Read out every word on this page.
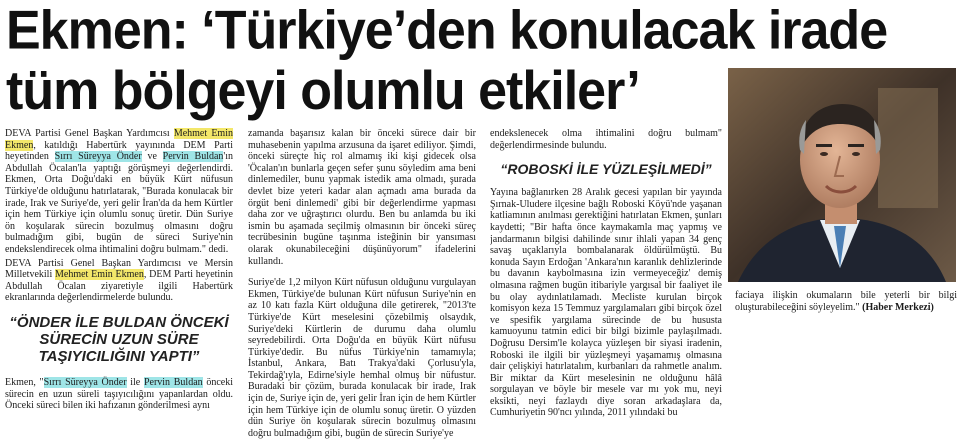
Ekmen: ‘Türkiye’den konulacak irade
tüm bölgeyi olumlu etkiler’

DEVA Partisi Genel Başkan Yardımcısı Mehmet Emin Ekmen, katıldığı Habertürk yayınında DEM Parti heyetinden Sırrı Süreyya Önder ve Pervin Buldan'ın Abdullah Öcalan'la yaptığı görüşmeyi değerlendirdi. Ekmen, Orta Doğu'daki en büyük Kürt nüfusun Türkiye'de olduğunu hatırlatarak, "Burada konulacak bir irade, Irak ve Suriye'de, yeri gelir İran'da da hem Kürtler için hem Türkiye için olumlu sonuç üretir. Dün Suriye ön koşularak sürecin bozulmuş olmasını doğru bulmadığım gibi, bugün de süreci Suriye'nin endekslendirecek olma ihtimalini doğru bulmam." dedi.

DEVA Partisi Genel Başkan Yardımcısı ve Mersin Milletvekili Mehmet Emin Ekmen, DEM Parti heyetinin Abdullah Öcalan ziyaretiyle ilgili Habertürk ekranlarında değerlendirmelerde bulundu.

“ÖNDER İLE BULDAN ÖNCEKİ SÜRECİN UZUN SÜRE TAŞIYICILIĞINI YAPTI”

Ekmen, "Sırrı Süreyya Önder ile Pervin Buldan önceki sürecin en uzun süreli taşıyıcılığını yapanlardan oldu. Önceki süreci bilen iki hafızanın gönderilmesi aynı

zamanda başarısız kalan bir önceki sürece dair bir muhasebenin yapılma arzusuna da işaret ediliyor. Şimdi, önceki süreçte hiç rol almamış iki kişi gidecek olsa 'Öcalan'ın bunlarla geçen sefer şunu söyledim ama beni dinlemediler, bunu yapmak istedik ama olmadı, şurada devlet bize yeteri kadar alan açmadı ama burada da örgüt beni dinlemedi' gibi bir değerlendirme yapması daha zor ve uğraştırıcı olurdu. Ben bu anlamda bu iki ismin bu aşamada seçilmiş olmasının bir önceki süreç tecrübesinin bugüne taşınma isteğinin bir yansıması olarak okunabileceğini düşünüyorum" ifadelerini kullandı.

Suriye'de 1,2 milyon Kürt nüfusun olduğunu vurgulayan Ekmen, Türkiye'de bulunan Kürt nüfusun Suriye'nin en az 10 katı fazla Kürt olduğuna dile getirerek, "2013'te Türkiye'de Kürt meselesini çözebilmiş olsaydık, Suriye'deki Kürtlerin de durumu daha olumlu seyredebilirdi. Orta Doğu'da en büyük Kürt nüfusu Türkiye'dedir. Bu nüfus Türkiye'nin tamamıyla; İstanbul, Ankara, Batı Trakya'daki Çorlusu'yla, Tekirdağ'ıyla, Edirne'siyle hemhal olmuş bir nüfustur. Buradaki bir çözüm, burada konulacak bir irade, Irak için de, Suriye için de, yeri gelir İran için de hem Kürtler için hem Türkiye için de olumlu sonuç üretir. O yüzden dün Suriye ön koşularak sürecin bozulmuş olmasını doğru bulmadığım gibi, bugün de sürecin Suriye'ye

endekslenecek olma ihtimalini doğru bulmam" değerlendirmesinde bulundu.

“ROBOSKİ İLE YÜZLEŞİLMEDİ”

Yayına bağlanırken 28 Aralık gecesi yapılan bir yayında Şırnak-Uludere ilçesine bağlı Roboski Köyü'nde yaşanan katliamının anılması gerektiğini hatırlatan Ekmen, şunları kaydetti; "Bir hafta önce kaymakamla maç yapmış ve jandarmanın bilgisi dahilinde sınır ihlali yapan 34 genç savaş uçaklarıyla bombalanarak öldürülmüştü. Bu konuda Sayın Erdoğan 'Ankara'nın karanlık dehlizlerinde bu davanın kaybolmasına izin vermeyeceğiz' demiş olmasına rağmen bugün itibariyle yargısal bir faaliyet ile bu olay aydınlatılamadı. Mecliste kurulan birçok komisyon keza 15 Temmuz yargılamaları gibi birçok özel ve spesifik yargılama sürecinde de bu hususta kamuoyunu tatmin edici bir bilgi bizimle paylaşılmadı. Doğrusu Dersim'le kolayca yüzleşen bir siyasi iradenin, Roboski ile ilgili bir yüzleşmeyi yaşamamış olmasına dair çelişkiyi hatırlatalım, kurbanları da rahmetle analım. Bir miktar da Kürt meselesinin ne olduğunu hâlâ sorgulayan ve böyle bir mesele var mı yok mu, neyi eksikti, neyi fazlaydı diye soran arkadaşlara da, Cumhuriyetin 90'ncı yılında, 2011 yılındaki bu

faciaya ilişkin okumaların bile yeterli bir bilgi oluşturabileceğini söyleyelim." (Haber Merkezi)
